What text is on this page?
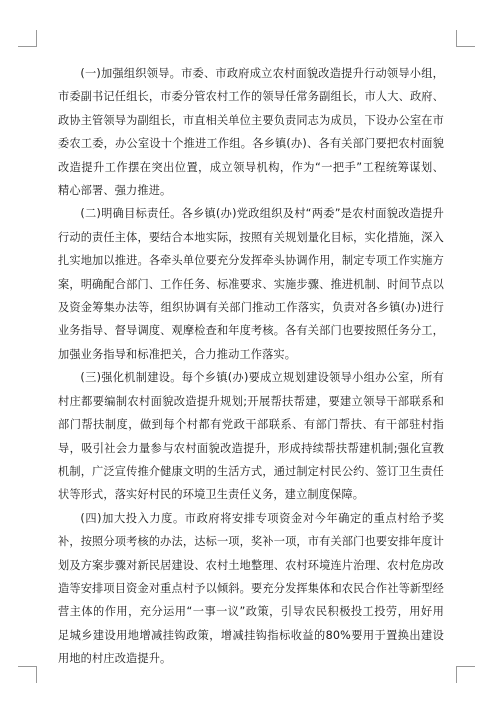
(一)加强组织领导。市委、市政府成立农村面貌改造提升行动领导小组，市委副书记任组长，市委分管农村工作的领导任常务副组长，市人大、政府、政协主管领导为副组长，市直相关单位主要负责同志为成员，下设办公室在市委农工委，办公室设十个推进工作组。各乡镇(办)、各有关部门要把农村面貌改造提升工作摆在突出位置，成立领导机构，作为“一把手”工程统筹谋划、精心部署、强力推进。

(二)明确目标责任。各乡镇(办)党政组织及村“两委”是农村面貌改造提升行动的责任主体，要结合本地实际，按照有关规划量化目标，实化措施，深入扎实地加以推进。各牵头单位要充分发挥牵头协调作用，制定专项工作实施方案，明确配合部门、工作任务、标准要求、实施步骤、推进机制、时间节点以及资金筹集办法等，组织协调有关部门推动工作落实，负责对各乡镇(办)进行业务指导、督导调度、观摩检查和年度考核。各有关部门也要按照任务分工，加强业务指导和标准把关，合力推动工作落实。

(三)强化机制建设。每个乡镇(办)要成立规划建设领导小组办公室，所有村庄都要编制农村面貌改造提升规划;开展帮扶帮建，要建立领导干部联系和部门帮扶制度，做到每个村都有党政干部联系、有部门帮扶、有干部驻村指导，吸引社会力量参与农村面貌改造提升，形成持续帮扶帮建机制;强化宣教机制，广泛宣传推介健康文明的生活方式，通过制定村民公约、签订卫生责任状等形式，落实好村民的环境卫生责任义务，建立制度保障。

(四)加大投入力度。市政府将安排专项资金对今年确定的重点村给予奖补，按照分项考核的办法，达标一项，奖补一项，市有关部门也要安排年度计划及方案步骤对新民居建设、农村土地整理、农村环境连片治理、农村危房改造等安排项目资金对重点村予以倾斜。要充分发挥集体和农民合作社等新型经营主体的作用，充分运用“一事一议”政策，引导农民积极投工投劳，用好用足城乡建设用地增减挂钩政策，增减挂钩指标收益的80%要用于置换出建设用地的村庄改造提升。
